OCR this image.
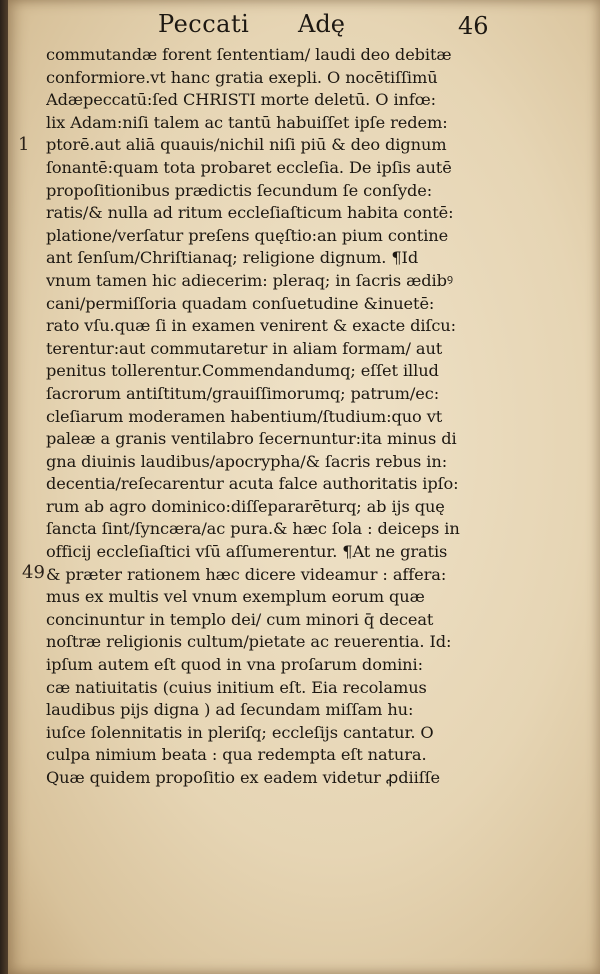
Peccati Adę	46
1
49
commutandæ forent ſententiam/ laudi deo debitæ
conformiore.vt hanc gratia exepli. O nocētiſſimū
Adæpeccatū:ſed CHRISTI morte deletū. O infœ:
lix Adam:niſi talem ac tantū habuiſſet ipſe redem:
ptorē.aut aliā quauis/nichil niſi piū & deo dignum
ſonantē:quam tota probaret eccleſia. De ipſis autē
propoſitionibus prædictis ſecundum ſe conſyde:
ratis/& nulla ad ritum eccleſiaſticum habita contē:
platione/verſatur preſens quęſtio:an pium contine
ant ſenſum/Chriſtianaq; religione dignum. ¶Id
vnum tamen hic adiecerim: pleraq; in ſacris ædibꝰ
cani/permiſſoria quadam conſuetudine &inuetē:
rato vſu.quæ ſi in examen venirent & exacte diſcu:
terentur:aut commutaretur in aliam formam/ aut
penitus tollerentur.Commendandumq; eſſet illud
ſacrorum antiſtitum/grauiſſimorumq; patrum/ec:
cleſiarum moderamen habentium/ſtudium:quo vt
paleæ a granis ventilabro ſecernuntur:ita minus di
gna diuinis laudibus/apocrypha/& ſacris rebus in:
decentia/reſecarentur acuta falce authoritatis ipſo:
rum ab agro dominico:diſſepararēturq; ab ijs quę
ſancta ſint/ſyncæra/ac pura.& hæc ſola : deiceps in
officij eccleſiaſtici vſū aſſumerentur. ¶At ne gratis
& præter rationem hæc dicere videamur : affera:
mus ex multis vel vnum exemplum eorum quæ
concinuntur in templo dei/ cum minori q̄ deceat
noſtræ religionis cultum/pietate ac reuerentia. Id:
ipſum autem eſt quod in vna proſarum domini:
cæ natiuitatis (cuius initium eſt. Eia recolamus
laudibus pijs digna ) ad ſecundam miſſam hu:
iuſce ſolennitatis in pleriſq; eccleſijs cantatur. O
culpa nimium beata : qua redempta eſt natura.
Quæ quidem propoſitio ex eadem videtur ꝓdiiſſe
